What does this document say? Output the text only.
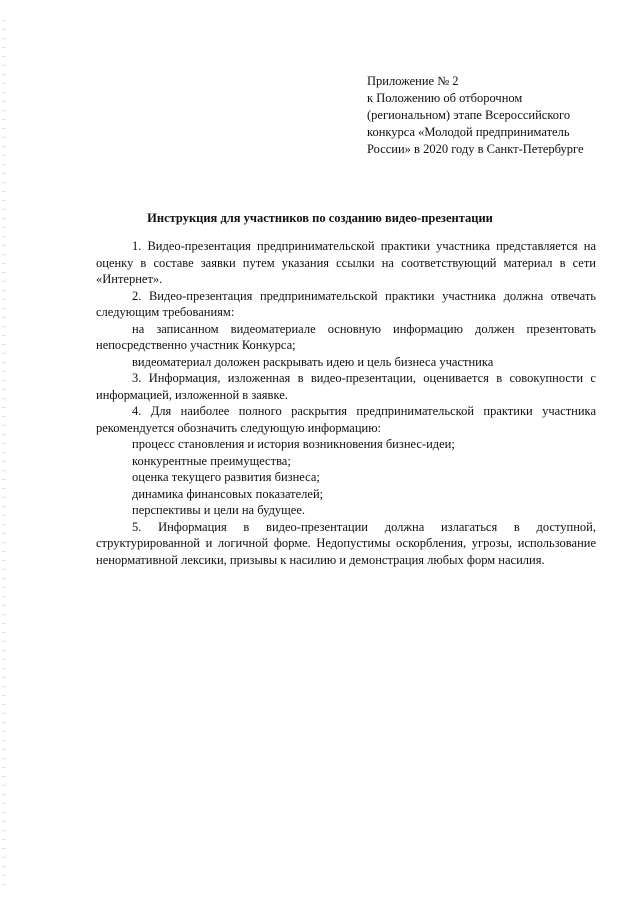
Приложение № 2
к Положению об отборочном
(региональном) этапе Всероссийского
конкурса «Молодой предприниматель
России» в 2020 году в Санкт-Петербурге
Инструкция для участников по созданию видео-презентации

1. Видео-презентация предпринимательской практики участника представляется на оценку в составе заявки путем указания ссылки на соответствующий материал в сети «Интернет».

2. Видео-презентация предпринимательской практики участника должна отвечать следующим требованиям:

на записанном видеоматериале основную информацию должен презентовать непосредственно участник Конкурса;

видеоматериал доложен раскрывать идею и цель бизнеса участника

3. Информация, изложенная в видео-презентации, оценивается в совокупности с информацией, изложенной в заявке.

4. Для наиболее полного раскрытия предпринимательской практики участника рекомендуется обозначить следующую информацию:

процесс становления и история возникновения бизнес-идеи;

конкурентные преимущества;

оценка текущего развития бизнеса;

динамика финансовых показателей;

перспективы и цели на будущее.

5. Информация в видео-презентации должна излагаться в доступной, структурированной и логичной форме. Недопустимы оскорбления, угрозы, использование ненормативной лексики, призывы к насилию и демонстрация любых форм насилия.
